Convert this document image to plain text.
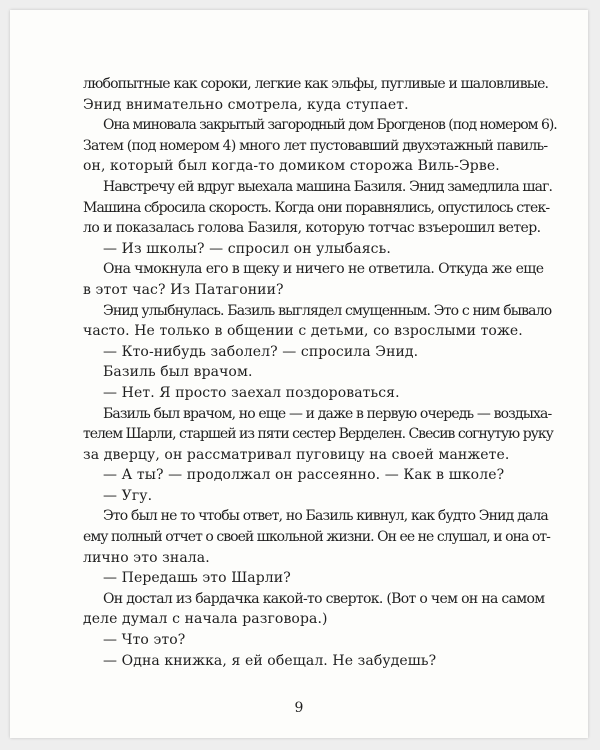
любопытные как сороки, легкие как эльфы, пугливые и шаловливые.
Энид внимательно смотрела, куда ступает.
Она миновала закрытый загородный дом Брогденов (под номером 6).
Затем (под номером 4) много лет пустовавший двухэтажный павиль-
он, который был когда-то домиком сторожа Виль-Эрве.
Навстречу ей вдруг выехала машина Базиля. Энид замедлила шаг.
Машина сбросила скорость. Когда они поравнялись, опустилось стек-
ло и показалась голова Базиля, которую тотчас взъерошил ветер.
— Из школы? — спросил он улыбаясь.
Она чмокнула его в щеку и ничего не ответила. Откуда же еще
в этот час? Из Патагонии?
Энид улыбнулась. Базиль выглядел смущенным. Это с ним бывало
часто. Не только в общении с детьми, со взрослыми тоже.
— Кто-нибудь заболел? — спросила Энид.
Базиль был врачом.
— Нет. Я просто заехал поздороваться.
Базиль был врачом, но еще — и даже в первую очередь — воздыха-
телем Шарли, старшей из пяти сестер Верделен. Свесив согнутую руку
за дверцу, он рассматривал пуговицу на своей манжете.
— А ты? — продолжал он рассеянно. — Как в школе?
— Угу.
Это был не то чтобы ответ, но Базиль кивнул, как будто Энид дала
ему полный отчет о своей школьной жизни. Он ее не слушал, и она от-
лично это знала.
— Передашь это Шарли?
Он достал из бардачка какой-то сверток. (Вот о чем он на самом
деле думал с начала разговора.)
— Что это?
— Одна книжка, я ей обещал. Не забудешь?
9
